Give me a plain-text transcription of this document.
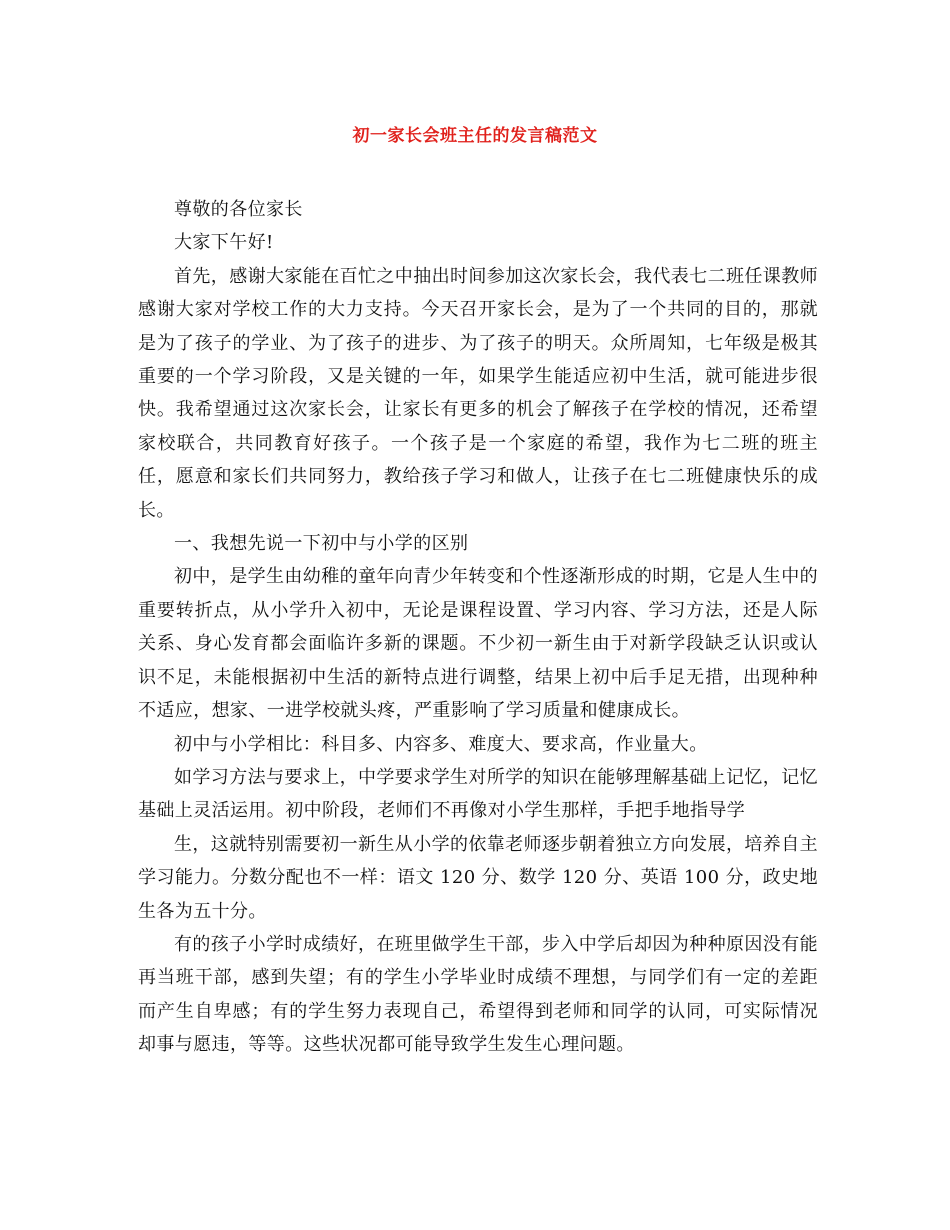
初一家长会班主任的发言稿范文

尊敬的各位家长

大家下午好!

首先，感谢大家能在百忙之中抽出时间参加这次家长会，我代表七二班任课教师感谢大家对学校工作的大力支持。今天召开家长会，是为了一个共同的目的，那就是为了孩子的学业、为了孩子的进步、为了孩子的明天。众所周知，七年级是极其重要的一个学习阶段，又是关键的一年，如果学生能适应初中生活，就可能进步很快。我希望通过这次家长会，让家长有更多的机会了解孩子在学校的情况，还希望家校联合，共同教育好孩子。一个孩子是一个家庭的希望，我作为七二班的班主任，愿意和家长们共同努力，教给孩子学习和做人，让孩子在七二班健康快乐的成长。

一、我想先说一下初中与小学的区别

初中，是学生由幼稚的童年向青少年转变和个性逐渐形成的时期，它是人生中的重要转折点，从小学升入初中，无论是课程设置、学习内容、学习方法，还是人际关系、身心发育都会面临许多新的课题。不少初一新生由于对新学段缺乏认识或认识不足，未能根据初中生活的新特点进行调整，结果上初中后手足无措，出现种种不适应，想家、一进学校就头疼，严重影响了学习质量和健康成长。

初中与小学相比：科目多、内容多、难度大、要求高，作业量大。

如学习方法与要求上，中学要求学生对所学的知识在能够理解基础上记忆，记忆基础上灵活运用。初中阶段，老师们不再像对小学生那样，手把手地指导学

生，这就特别需要初一新生从小学的依靠老师逐步朝着独立方向发展，培养自主学习能力。分数分配也不一样：语文 120 分、数学 120 分、英语 100 分，政史地生各为五十分。

有的孩子小学时成绩好，在班里做学生干部，步入中学后却因为种种原因没有能再当班干部，感到失望；有的学生小学毕业时成绩不理想，与同学们有一定的差距而产生自卑感；有的学生努力表现自己，希望得到老师和同学的认同，可实际情况却事与愿违，等等。这些状况都可能导致学生发生心理问题。
